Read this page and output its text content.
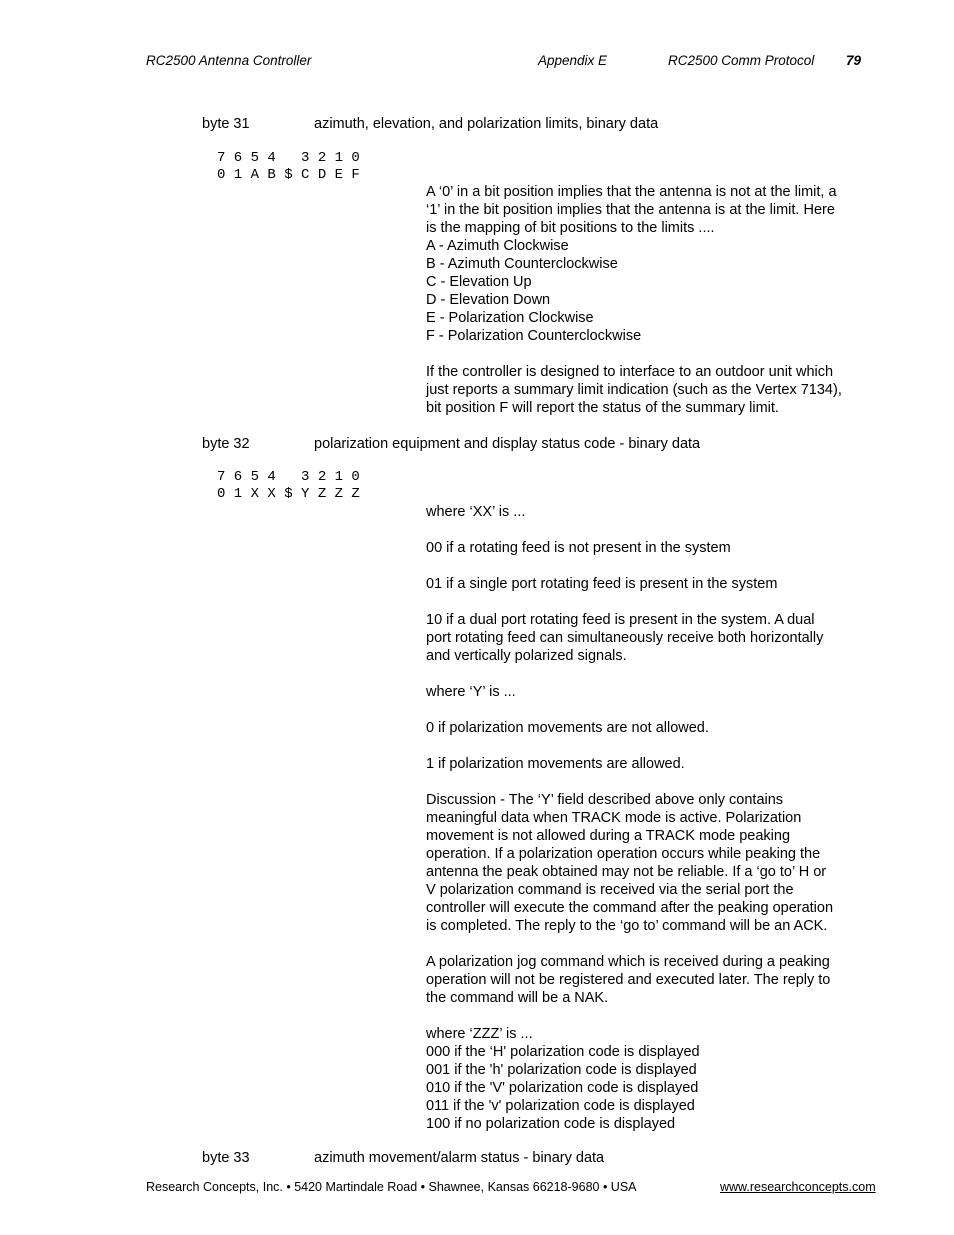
RC2500 Antenna Controller	Appendix E	RC2500 Comm Protocol 79
byte 31	azimuth, elevation, and polarization limits, binary data
7 6 5 4   3 2 1 0
0 1 A B $ C D E F

A ‘0’ in a bit position implies that the antenna is not at the limit, a

‘1’ in the bit position implies that the antenna is at the limit. Here

is the mapping of bit positions to the limits ....

A - Azimuth Clockwise

B - Azimuth Counterclockwise

C - Elevation Up

D - Elevation Down

E - Polarization Clockwise

F - Polarization Counterclockwise

If the controller is designed to interface to an outdoor unit which

just reports a summary limit indication (such as the Vertex 7134),

bit position F will report the status of the summary limit.

byte 32	polarization equipment and display status code - binary data
7 6 5 4   3 2 1 0
0 1 X X $ Y Z Z Z

where ‘XX’ is ...

00 if a rotating feed is not present in the system

01 if a single port rotating feed is present in the system

10 if a dual port rotating feed is present in the system. A dual

port rotating feed can simultaneously receive both horizontally

and vertically polarized signals.

where ‘Y’ is ...

0 if polarization movements are not allowed.

1 if polarization movements are allowed.

Discussion - The ‘Y’ field described above only contains

meaningful data when TRACK mode is active. Polarization

movement is not allowed during a TRACK mode peaking

operation. If a polarization operation occurs while peaking the

antenna the peak obtained may not be reliable. If a ‘go to’ H or

V polarization command is received via the serial port the

controller will execute the command after the peaking operation

is completed. The reply to the ‘go to’ command will be an ACK.

A polarization jog command which is received during a peaking

operation will not be registered and executed later. The reply to

the command will be a NAK.

where ‘ZZZ’ is ...

000 if the ‘H' polarization code is displayed

001 if the 'h' polarization code is displayed

010 if the 'V' polarization code is displayed

011 if the 'v' polarization code is displayed

100 if no polarization code is displayed

byte 33	azimuth movement/alarm status - binary data
Research Concepts, Inc. • 5420 Martindale Road • Shawnee, Kansas 66218-9680 • USA	www.researchconcepts.com
